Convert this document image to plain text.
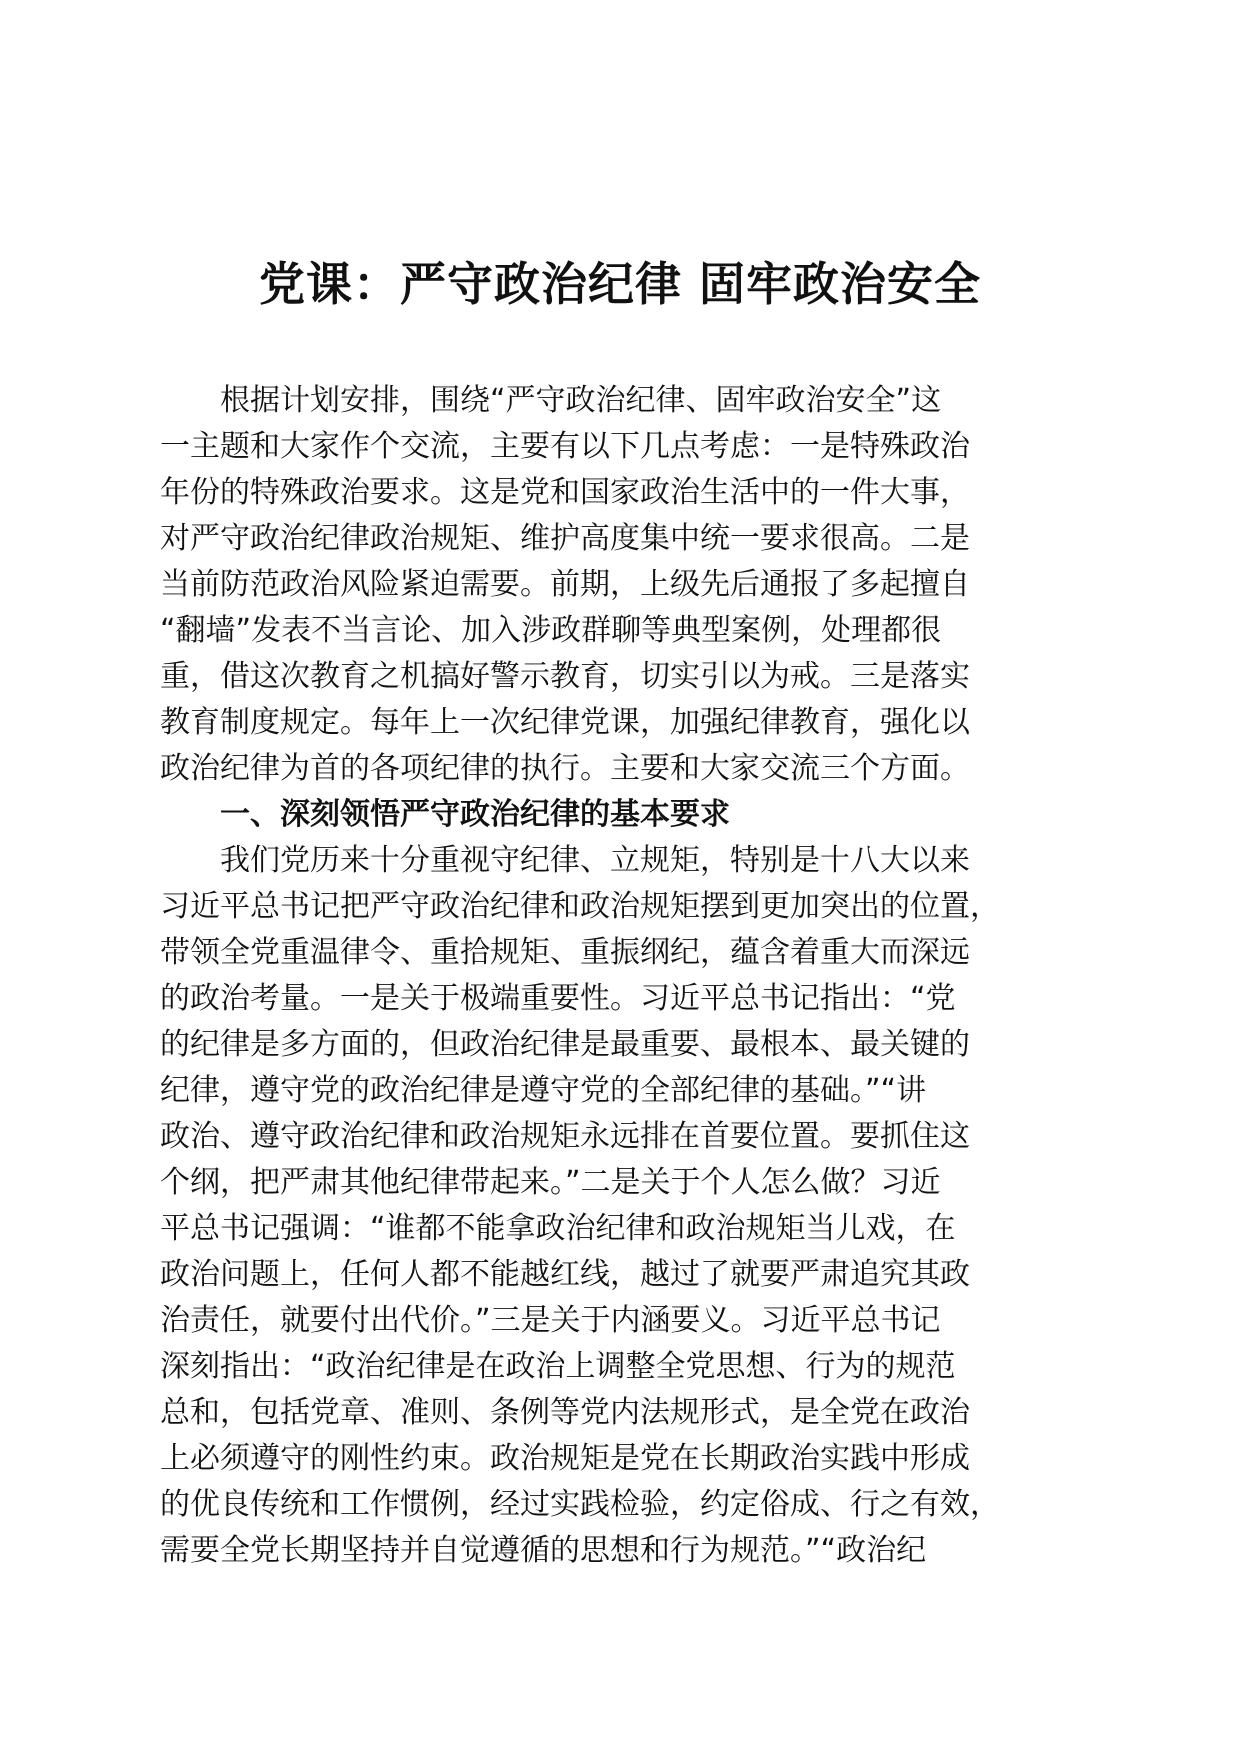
党课：严守政治纪律 固牢政治安全
根据计划安排，围绕“严守政治纪律、固牢政治安全”这
一主题和大家作个交流，主要有以下几点考虑：一是特殊政治
年份的特殊政治要求。这是党和国家政治生活中的一件大事，
对严守政治纪律政治规矩、维护高度集中统一要求很高。二是
当前防范政治风险紧迫需要。前期，上级先后通报了多起擅自
“翻墙”发表不当言论、加入涉政群聊等典型案例，处理都很
重，借这次教育之机搞好警示教育，切实引以为戒。三是落实
教育制度规定。每年上一次纪律党课，加强纪律教育，强化以
政治纪律为首的各项纪律的执行。主要和大家交流三个方面。
一、深刻领悟严守政治纪律的基本要求
我们党历来十分重视守纪律、立规矩，特别是十八大以来
习近平总书记把严守政治纪律和政治规矩摆到更加突出的位置，
带领全党重温律令、重拾规矩、重振纲纪，蕴含着重大而深远
的政治考量。一是关于极端重要性。习近平总书记指出：“党
的纪律是多方面的，但政治纪律是最重要、最根本、最关键的
纪律，遵守党的政治纪律是遵守党的全部纪律的基础。”“讲
政治、遵守政治纪律和政治规矩永远排在首要位置。要抓住这
个纲，把严肃其他纪律带起来。”二是关于个人怎么做？习近
平总书记强调：“谁都不能拿政治纪律和政治规矩当儿戏，在
政治问题上，任何人都不能越红线，越过了就要严肃追究其政
治责任，就要付出代价。”三是关于内涵要义。习近平总书记
深刻指出：“政治纪律是在政治上调整全党思想、行为的规范
总和，包括党章、准则、条例等党内法规形式，是全党在政治
上必须遵守的刚性约束。政治规矩是党在长期政治实践中形成
的优良传统和工作惯例，经过实践检验，约定俗成、行之有效，
需要全党长期坚持并自觉遵循的思想和行为规范。”“政治纪
